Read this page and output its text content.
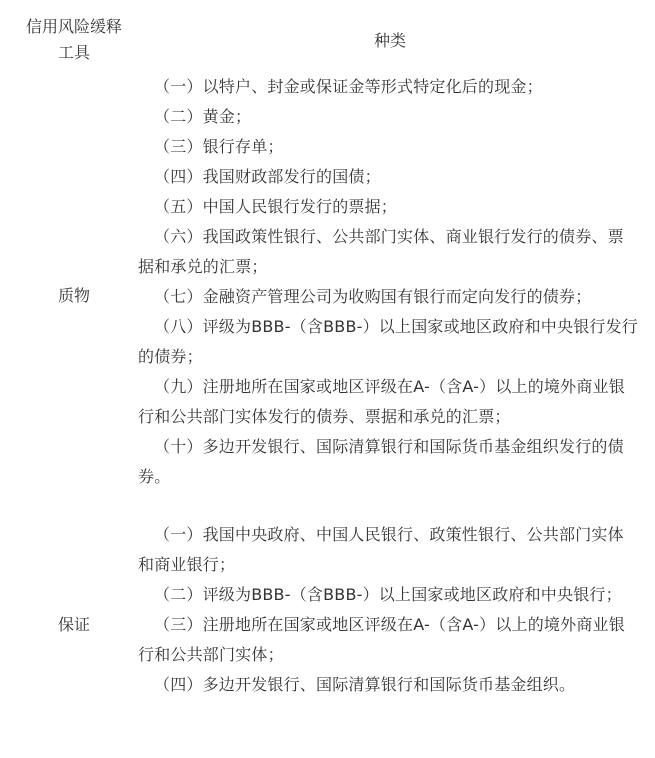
信用风险缓释工具
种类
质物
（一）以特户、封金或保证金等形式特定化后的现金；
（二）黄金；
（三）银行存单；
（四）我国财政部发行的国债；
（五）中国人民银行发行的票据；
（六）我国政策性银行、公共部门实体、商业银行发行的债券、票据和承兑的汇票；
（七）金融资产管理公司为收购国有银行而定向发行的债券；
（八）评级为BBB-（含BBB-）以上国家或地区政府和中央银行发行的债券；
（九）注册地所在国家或地区评级在A-（含A-）以上的境外商业银行和公共部门实体发行的债券、票据和承兑的汇票；
（十）多边开发银行、国际清算银行和国际货币基金组织发行的债券。
保证
（一）我国中央政府、中国人民银行、政策性银行、公共部门实体和商业银行；
（二）评级为BBB-（含BBB-）以上国家或地区政府和中央银行；
（三）注册地所在国家或地区评级在A-（含A-）以上的境外商业银行和公共部门实体；
（四）多边开发银行、国际清算银行和国际货币基金组织。
